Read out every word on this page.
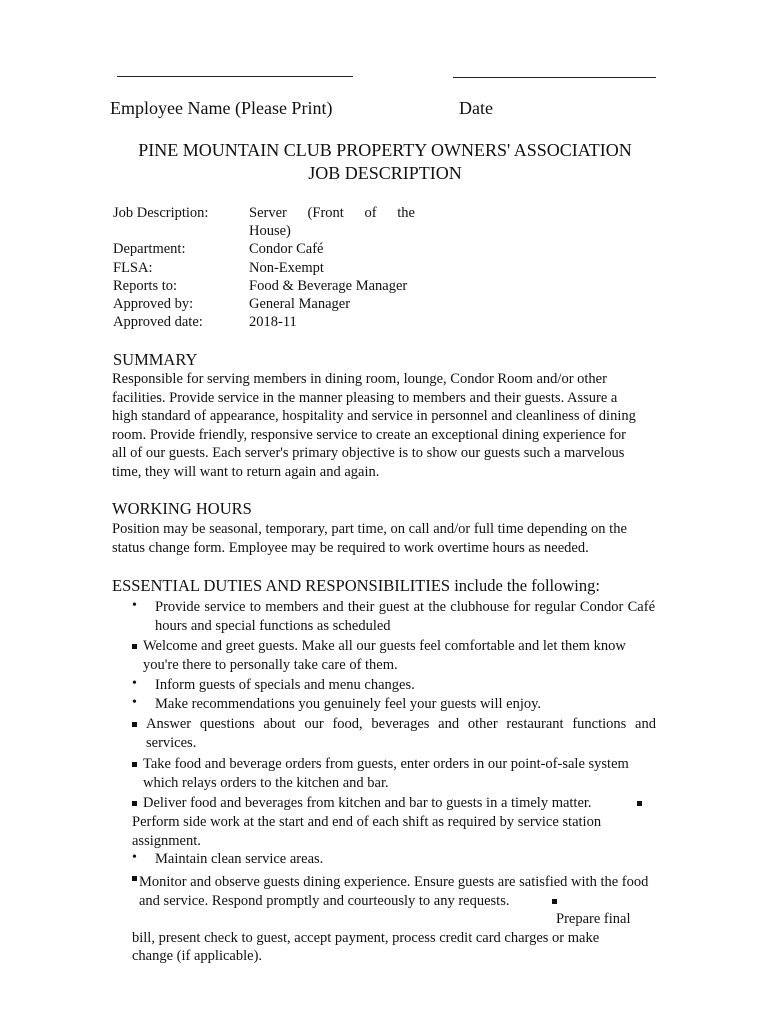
Employee Name (Please Print)	Date
PINE MOUNTAIN CLUB PROPERTY OWNERS' ASSOCIATION
JOB DESCRIPTION
Job Description:	Server (Front of the
House)
Department:	Condor Café
FLSA:	Non-Exempt
Reports to:	Food & Beverage Manager
Approved by:	General Manager
Approved date:	2018-11
SUMMARY
Responsible for serving members in dining room, lounge, Condor Room and/or other facilities. Provide service in the manner pleasing to members and their guests. Assure a high standard of appearance, hospitality and service in personnel and cleanliness of dining room. Provide friendly, responsive service to create an exceptional dining experience for all of our guests. Each server's primary objective is to show our guests such a marvelous time, they will want to return again and again.
WORKING HOURS
Position may be seasonal, temporary, part time, on call and/or full time depending on the status change form. Employee may be required to work overtime hours as needed.
ESSENTIAL DUTIES AND RESPONSIBILITIES include the following:
• Provide service to members and their guest at the clubhouse for regular Condor Café hours and special functions as scheduled
Welcome and greet guests. Make all our guests feel comfortable and let them know you're there to personally take care of them.
• Inform guests of specials and menu changes.
• Make recommendations you genuinely feel your guests will enjoy.
Answer questions about our food, beverages and other restaurant functions and services.
Take food and beverage orders from guests, enter orders in our point-of-sale system which relays orders to the kitchen and bar.
Deliver food and beverages from kitchen and bar to guests in a timely matter.
Perform side work at the start and end of each shift as required by service station assignment.
• Maintain clean service areas.
Monitor and observe guests dining experience. Ensure guests are satisfied with the food and service. Respond promptly and courteously to any requests.
Prepare final bill, present check to guest, accept payment, process credit card charges or make change (if applicable).
